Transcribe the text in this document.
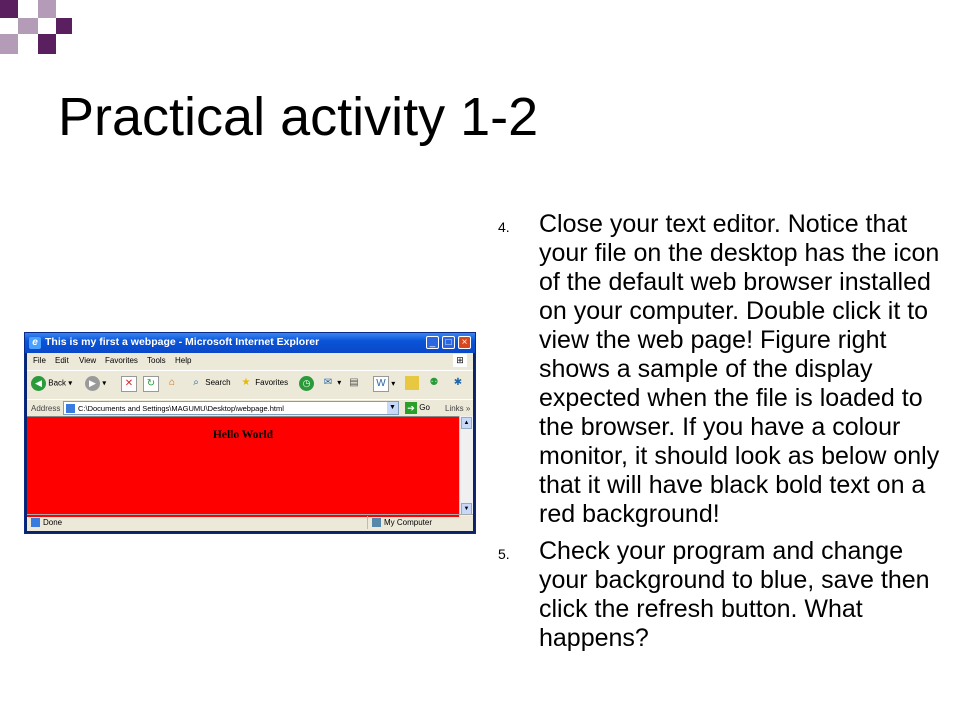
Practical activity 1-2
4. Close your text editor. Notice that your file on the desktop has the icon of the default web browser installed on your computer. Double click it to view the web page! Figure right shows a sample of the display expected when the file is loaded to the browser. If you have a colour monitor, it should look as below only that it will have black bold text on a red background!
5. Check your program and change your background to blue, save then click the refresh button. What happens?
e This is my first a webpage - Microsoft Internet Explorer	_	□	×
File Edit View Favorites Tools Help	⊞
◀ Back ▾	▶ ▾	✕	↻	⌂	⌕ Search ★ Favorites	◷	✉ ▾ ▤	W ▾	⚉ ✱
Address C:\Documents and Settings\MAGUMU\Desktop\webpage.html	▼ ➔ Go Links »
Hello World
▲
▼
Done	My Computer
